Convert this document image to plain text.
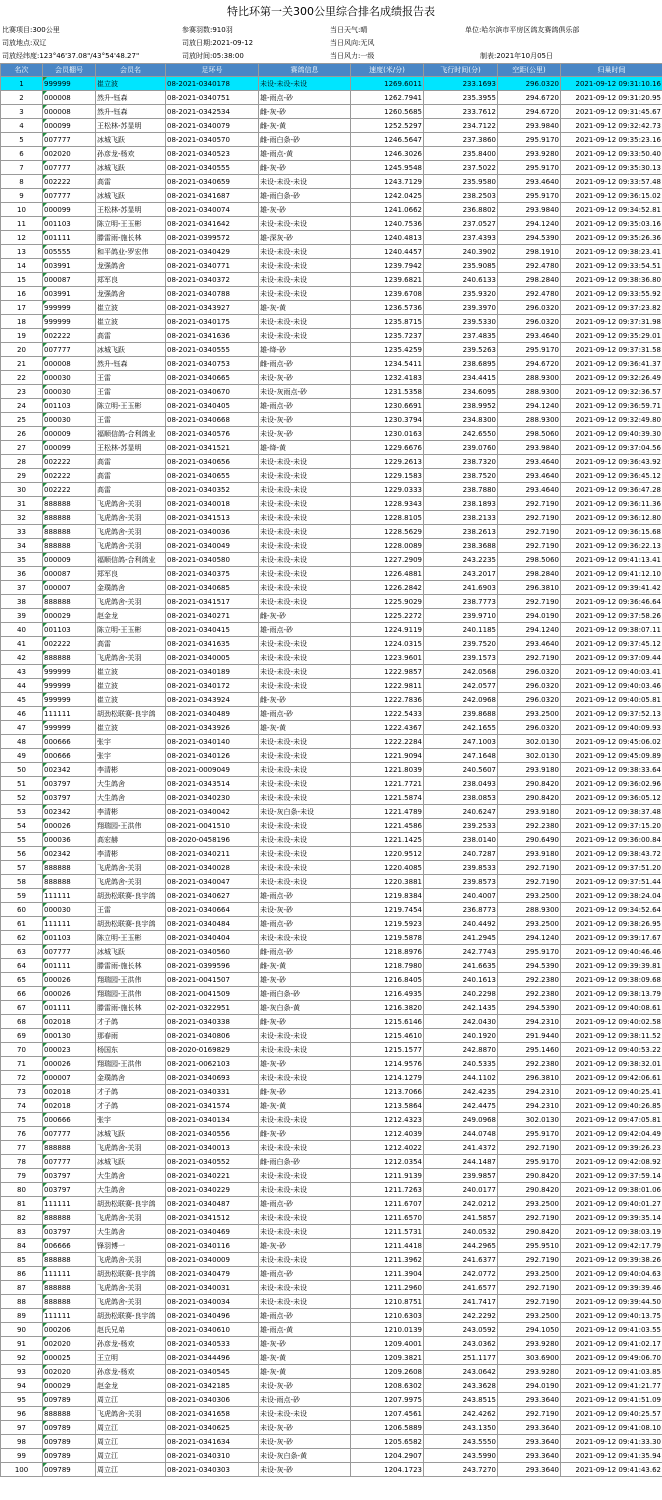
特比环第一关300公里综合排名成绩报告表
比赛项目:300公里	参赛羽数:910羽	当日天气:晴	单位:哈尔滨市平房区鸽友赛鸽俱乐部
司放地点:双辽	司放日期:2021-09-12	当日风向:无风
司放经纬度:123°46'37.08"/43°54'48.27"	司放时间:05:38:00	当日风力:一级	制表:2021年10月05日
名次	会员棚号	会员名	足环号	赛鸽信息	速度(米/分)	飞行时间(分)	空距(公里)	归巢时间
1	999999	崔立波	08-2021-0340178	未设-未设-未设	1269.6011	233.1693	296.0320	2021-09-12 09:31:10.16
2	000008	然升-钰森	08-2021-0340751	雄-雨点-砂	1262.7941	235.3955	294.6720	2021-09-12 09:31:20.95
3	000008	然升-钰森	08-2021-0342534	雌-灰-砂	1260.5685	233.7612	294.6720	2021-09-12 09:31:45.67
4	000099	王松林-苏显明	08-2021-0340079	雌-灰-黄	1252.5297	234.7122	293.9840	2021-09-12 09:32:42.73
5	007777	冰城飞跃	08-2021-0340570	雌-雨白条-砂	1246.5647	237.3860	295.9170	2021-09-12 09:35:23.16
6	002020	孙彦龙-杨欢	08-2021-0340523	雄-雨点-黄	1246.3026	235.8400	293.9280	2021-09-12 09:33:50.40
7	007777	冰城飞跃	08-2021-0340555	雌-灰-砂	1245.9548	237.5022	295.9170	2021-09-12 09:35:30.13
8	002222	高雷	08-2021-0340659	未设-未设-未设	1243.7129	235.9580	293.4640	2021-09-12 09:33:57.48
9	007777	冰城飞跃	08-2021-0341687	雄-雨白条-砂	1242.0425	238.2503	295.9170	2021-09-12 09:36:15.02
10	000099	王松林-苏显明	08-2021-0340074	雄-灰-砂	1241.0662	236.8802	293.9840	2021-09-12 09:34:52.81
11	001103	陈立明-王玉彬	08-2021-0341642	未设-未设-未设	1240.7536	237.0527	294.1240	2021-09-12 09:35:03.16
12	001111	滕雷雨-施长林	08-2021-0399572	雄-深灰-砂	1240.4813	237.4393	294.5390	2021-09-12 09:35:26.36
13	005555	和平鸽业-罗宏伟	08-2021-0340429	未设-未设-未设	1240.4457	240.3902	298.1910	2021-09-12 09:38:23.41
14	003991	龙强鸽舍	08-2021-0340771	未设-未设-未设	1239.7942	235.9085	292.4780	2021-09-12 09:33:54.51
15	000087	郑军良	08-2021-0340372	未设-未设-未设	1239.6821	240.6133	298.2840	2021-09-12 09:38:36.80
16	003991	龙强鸽舍	08-2021-0340788	未设-未设-未设	1239.6708	235.9320	292.4780	2021-09-12 09:33:55.92
17	999999	崔立波	08-2021-0343927	雄-灰-黄	1236.5736	239.3970	296.0320	2021-09-12 09:37:23.82
18	999999	崔立波	08-2021-0340175	未设-未设-未设	1235.8715	239.5330	296.0320	2021-09-12 09:37:31.98
19	002222	高雷	08-2021-0341636	未设-未设-未设	1235.7237	237.4835	293.4640	2021-09-12 09:35:29.01
20	007777	冰城飞跃	08-2021-0340555	雄-绛-砂	1235.4259	239.5263	295.9170	2021-09-12 09:37:31.58
21	000008	然升-钰森	08-2021-0340753	雌-雨点-砂	1234.5411	238.6895	294.6720	2021-09-12 09:36:41.37
22	000030	王雷	08-2021-0340665	未设-灰-砂	1232.4183	234.4415	288.9300	2021-09-12 09:32:26.49
23	000030	王雷	08-2021-0340670	未设-灰雨点-砂	1231.5358	234.6095	288.9300	2021-09-12 09:32:36.57
24	001103	陈立明-王玉彬	08-2021-0340405	雄-雨点-砂	1230.6691	238.9952	294.1240	2021-09-12 09:36:59.71
25	000030	王雷	08-2021-0340668	未设-灰-砂	1230.3794	234.8300	288.9300	2021-09-12 09:32:49.80
26	000009	福顺信鸽-合利鸽业	08-2021-0340576	未设-灰-砂	1230.0163	242.6550	298.5060	2021-09-12 09:40:39.30
27	000099	王松林-苏显明	08-2021-0341521	雄-绛-黄	1229.6676	239.0760	293.9840	2021-09-12 09:37:04.56
28	002222	高雷	08-2021-0340656	未设-未设-未设	1229.2613	238.7320	293.4640	2021-09-12 09:36:43.92
29	002222	高雷	08-2021-0340655	未设-未设-未设	1229.1583	238.7520	293.4640	2021-09-12 09:36:45.12
30	002222	高雷	08-2021-0340352	未设-未设-未设	1229.0333	238.7880	293.4640	2021-09-12 09:36:47.28
31	888888	飞虎鸽舍-关羽	08-2021-0340018	未设-未设-未设	1228.9343	238.1893	292.7190	2021-09-12 09:36:11.36
32	888888	飞虎鸽舍-关羽	08-2021-0341513	未设-未设-未设	1228.8105	238.2133	292.7190	2021-09-12 09:36:12.80
33	888888	飞虎鸽舍-关羽	08-2021-0340036	未设-未设-未设	1228.5629	238.2613	292.7190	2021-09-12 09:36:15.68
34	888888	飞虎鸽舍-关羽	08-2021-0340049	未设-未设-未设	1228.0089	238.3688	292.7190	2021-09-12 09:36:22.13
35	000009	福顺信鸽-合利鸽业	08-2021-0340580	未设-未设-未设	1227.2909	243.2235	298.5060	2021-09-12 09:41:13.41
36	000087	郑军良	08-2021-0340375	未设-未设-未设	1226.4881	243.2017	298.2840	2021-09-12 09:41:12.10
37	000007	金璞鸽舍	08-2021-0340685	未设-未设-未设	1226.2842	241.6903	296.3810	2021-09-12 09:39:41.42
38	888888	飞虎鸽舍-关羽	08-2021-0341517	未设-未设-未设	1225.9029	238.7773	292.7190	2021-09-12 09:36:46.64
39	000029	赵金龙	08-2021-0340271	雌-灰-砂	1225.2272	239.9710	294.0190	2021-09-12 09:37:58.26
40	001103	陈立明-王玉彬	08-2021-0340415	雄-雨点-砂	1224.9119	240.1185	294.1240	2021-09-12 09:38:07.11
41	002222	高雷	08-2021-0341635	未设-未设-未设	1224.0315	239.7520	293.4640	2021-09-12 09:37:45.12
42	888888	飞虎鸽舍-关羽	08-2021-0340005	未设-未设-未设	1223.9601	239.1573	292.7190	2021-09-12 09:37:09.44
43	999999	崔立波	08-2021-0340189	未设-未设-未设	1222.9857	242.0568	296.0320	2021-09-12 09:40:03.41
44	999999	崔立波	08-2021-0340172	未设-未设-未设	1222.9811	242.0577	296.0320	2021-09-12 09:40:03.46
45	999999	崔立波	08-2021-0343924	雌-灰-砂	1222.7836	242.0968	296.0320	2021-09-12 09:40:05.81
46	111111	胡劲松联赛-良宇鸽	08-2021-0340489	雄-雨点-砂	1222.5433	239.8688	293.2500	2021-09-12 09:37:52.13
47	999999	崔立波	08-2021-0343926	雄-灰-黄	1222.4367	242.1655	296.0320	2021-09-12 09:40:09.93
48	000666	张宇	08-2021-0340140	未设-未设-未设	1222.2284	247.1003	302.0130	2021-09-12 09:45:06.02
49	000666	张宇	08-2021-0340126	未设-未设-未设	1221.9094	247.1648	302.0130	2021-09-12 09:45:09.89
50	002342	李清彬	08-2021-0009049	未设-未设-未设	1221.8039	240.5607	293.9180	2021-09-12 09:38:33.64
51	003797	大生鸽舍	08-2021-0343514	未设-未设-未设	1221.7721	238.0493	290.8420	2021-09-12 09:36:02.96
52	003797	大生鸽舍	08-2021-0340230	未设-未设-未设	1221.5874	238.0853	290.8420	2021-09-12 09:36:05.12
53	002342	李清彬	08-2021-0340042	未设-灰白条-未设	1221.4789	240.6247	293.9180	2021-09-12 09:38:37.48
54	000026	翔瑞园-王洪伟	08-2021-0041510	未设-未设-未设	1221.4586	239.2533	292.2380	2021-09-12 09:37:15.20
55	000036	高宏赫	08-2020-0458196	未设-未设-未设	1221.1425	238.0140	290.6490	2021-09-12 09:36:00.84
56	002342	李清彬	08-2021-0340211	未设-未设-未设	1220.9512	240.7287	293.9180	2021-09-12 09:38:43.72
57	888888	飞虎鸽舍-关羽	08-2021-0340028	未设-未设-未设	1220.4085	239.8533	292.7190	2021-09-12 09:37:51.20
58	888888	飞虎鸽舍-关羽	08-2021-0340047	未设-未设-未设	1220.3881	239.8573	292.7190	2021-09-12 09:37:51.44
59	111111	胡劲松联赛-良宇鸽	08-2021-0340627	雄-雨点-砂	1219.8384	240.4007	293.2500	2021-09-12 09:38:24.04
60	000030	王雷	08-2021-0340664	未设-灰-砂	1219.7454	236.8773	288.9300	2021-09-12 09:34:52.64
61	111111	胡劲松联赛-良宇鸽	08-2021-0340484	雄-雨点-砂	1219.5923	240.4492	293.2500	2021-09-12 09:38:26.95
62	001103	陈立明-王玉彬	08-2021-0340404	未设-未设-未设	1219.5878	241.2945	294.1240	2021-09-12 09:39:17.67
63	007777	冰城飞跃	08-2021-0340560	雌-雨点-砂	1218.8976	242.7743	295.9170	2021-09-12 09:40:46.46
64	001111	滕雷雨-施长林	08-2021-0399596	雌-灰-黄	1218.7980	241.6635	294.5390	2021-09-12 09:39:39.81
65	000026	翔瑞园-王洪伟	08-2021-0041507	雄-灰-砂	1216.8405	240.1613	292.2380	2021-09-12 09:38:09.68
66	000026	翔瑞园-王洪伟	08-2021-0041509	雄-雨白条-砂	1216.4935	240.2298	292.2380	2021-09-12 09:38:13.79
67	001111	滕雷雨-施长林	02-2021-0322951	雄-灰白条-黄	1216.3820	242.1435	294.5390	2021-09-12 09:40:08.61
68	002018	才子鸽	08-2021-0340338	雌-灰-砂	1215.6146	242.0430	294.2310	2021-09-12 09:40:02.58
69	000130	那春雨	08-2021-0340806	未设-未设-未设	1215.4610	240.1920	291.9440	2021-09-12 09:38:11.52
70	000023	杨国东	08-2020-0169829	未设-未设-未设	1215.1577	242.8870	295.1460	2021-09-12 09:40:53.22
71	000026	翔瑞园-王洪伟	08-2021-0062103	雄-灰-砂	1214.9576	240.5335	292.2380	2021-09-12 09:38:32.01
72	000007	金璞鸽舍	08-2021-0340693	未设-未设-未设	1214.1279	244.1102	296.3810	2021-09-12 09:42:06.61
73	002018	才子鸽	08-2021-0340331	雌-灰-砂	1213.7066	242.4235	294.2310	2021-09-12 09:40:25.41
74	002018	才子鸽	08-2021-0341574	雄-灰-黄	1213.5864	242.4475	294.2310	2021-09-12 09:40:26.85
75	000666	张宇	08-2021-0340134	未设-未设-未设	1212.4323	249.0968	302.0130	2021-09-12 09:47:05.81
76	007777	冰城飞跃	08-2021-0340556	雌-灰-砂	1212.4039	244.0748	295.9170	2021-09-12 09:42:04.49
77	888888	飞虎鸽舍-关羽	08-2021-0340013	未设-未设-未设	1212.4022	241.4372	292.7190	2021-09-12 09:39:26.23
78	007777	冰城飞跃	08-2021-0340552	雌-雨白条-砂	1212.0354	244.1487	295.9170	2021-09-12 09:42:08.92
79	003797	大生鸽舍	08-2021-0340221	未设-未设-未设	1211.9139	239.9857	290.8420	2021-09-12 09:37:59.14
80	003797	大生鸽舍	08-2021-0340229	未设-未设-未设	1211.7263	240.0177	290.8420	2021-09-12 09:38:01.06
81	111111	胡劲松联赛-良宇鸽	08-2021-0340487	雄-雨点-砂	1211.6707	242.0212	293.2500	2021-09-12 09:40:01.27
82	888888	飞虎鸽舍-关羽	08-2021-0341512	未设-未设-未设	1211.6570	241.5857	292.7190	2021-09-12 09:39:35.14
83	003797	大生鸽舍	08-2021-0340469	未设-未设-未设	1211.5731	240.0532	290.8420	2021-09-12 09:38:03.19
84	006666	锋羽博一	08-2021-0340116	雄-灰-砂	1211.4418	244.2965	295.9510	2021-09-12 09:42:17.79
85	888888	飞虎鸽舍-关羽	08-2021-0340009	未设-未设-未设	1211.3962	241.6377	292.7190	2021-09-12 09:39:38.26
86	111111	胡劲松联赛-良宇鸽	08-2021-0340479	雄-雨点-砂	1211.3904	242.0772	293.2500	2021-09-12 09:40:04.63
87	888888	飞虎鸽舍-关羽	08-2021-0340031	未设-未设-未设	1211.2960	241.6577	292.7190	2021-09-12 09:39:39.46
88	888888	飞虎鸽舍-关羽	08-2021-0340034	未设-未设-未设	1210.8751	241.7417	292.7190	2021-09-12 09:39:44.50
89	111111	胡劲松联赛-良宇鸽	08-2021-0340496	雄-雨点-砂	1210.6303	242.2292	293.2500	2021-09-12 09:40:13.75
90	000206	赵氏兄弟	08-2021-0340610	雄-雨点-黄	1210.0139	243.0592	294.1050	2021-09-12 09:41:03.55
91	002020	孙彦龙-杨欢	08-2021-0340533	雄-灰-砂	1209.4001	243.0362	293.9280	2021-09-12 09:41:02.17
92	000025	王立明	08-2021-0344496	雄-灰-黄	1209.3821	251.1177	303.6900	2021-09-12 09:49:06.70
93	002020	孙彦龙-杨欢	08-2021-0340545	雄-灰-黄	1209.2608	243.0642	293.9280	2021-09-12 09:41:03.85
94	000029	赵金龙	08-2021-0342185	未设-灰-砂	1208.6302	243.3628	294.0190	2021-09-12 09:41:21.77
95	009789	周立江	08-2021-0340306	未设-雨点-砂	1207.9975	243.8515	293.3640	2021-09-12 09:41:51.09
96	888888	飞虎鸽舍-关羽	08-2021-0341658	未设-未设-未设	1207.4561	242.4262	292.7190	2021-09-12 09:40:25.57
97	009789	周立江	08-2021-0340625	未设-灰-砂	1206.5889	243.1350	293.3640	2021-09-12 09:41:08.10
98	009789	周立江	08-2021-0341634	未设-灰-砂	1205.6582	243.5550	293.3640	2021-09-12 09:41:33.30
99	009789	周立江	08-2021-0340310	未设-灰白条-黄	1204.2907	243.5990	293.3640	2021-09-12 09:41:35.94
100	009789	周立江	08-2021-0340303	未设-灰-砂	1204.1723	243.7270	293.3640	2021-09-12 09:41:43.62
